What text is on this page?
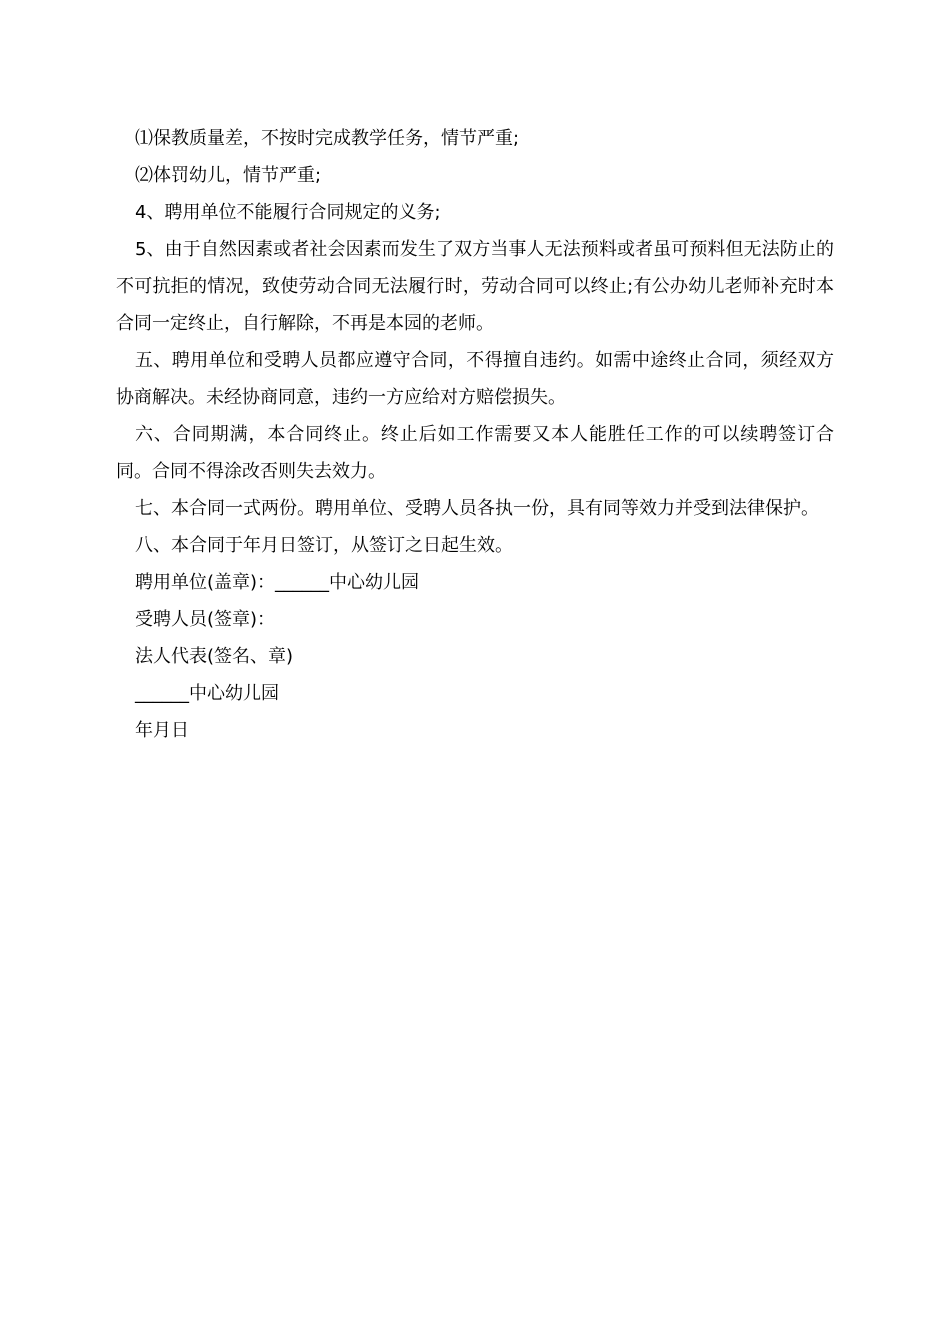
⑴保教质量差，不按时完成教学任务，情节严重;

⑵体罚幼儿，情节严重;

4、聘用单位不能履行合同规定的义务;

5、由于自然因素或者社会因素而发生了双方当事人无法预料或者虽可预料但无法防止的不可抗拒的情况，致使劳动合同无法履行时，劳动合同可以终止;有公办幼儿老师补充时本合同一定终止，自行解除，不再是本园的老师。

五、聘用单位和受聘人员都应遵守合同，不得擅自违约。如需中途终止合同，须经双方协商解决。未经协商同意，违约一方应给对方赔偿损失。

六、合同期满，本合同终止。终止后如工作需要又本人能胜任工作的可以续聘签订合同。合同不得涂改否则失去效力。

七、本合同一式两份。聘用单位、受聘人员各执一份，具有同等效力并受到法律保护。

八、本合同于年月日签订，从签订之日起生效。

聘用单位(盖章)：______中心幼儿园

受聘人员(签章)：

法人代表(签名、章)

______中心幼儿园

年月日
